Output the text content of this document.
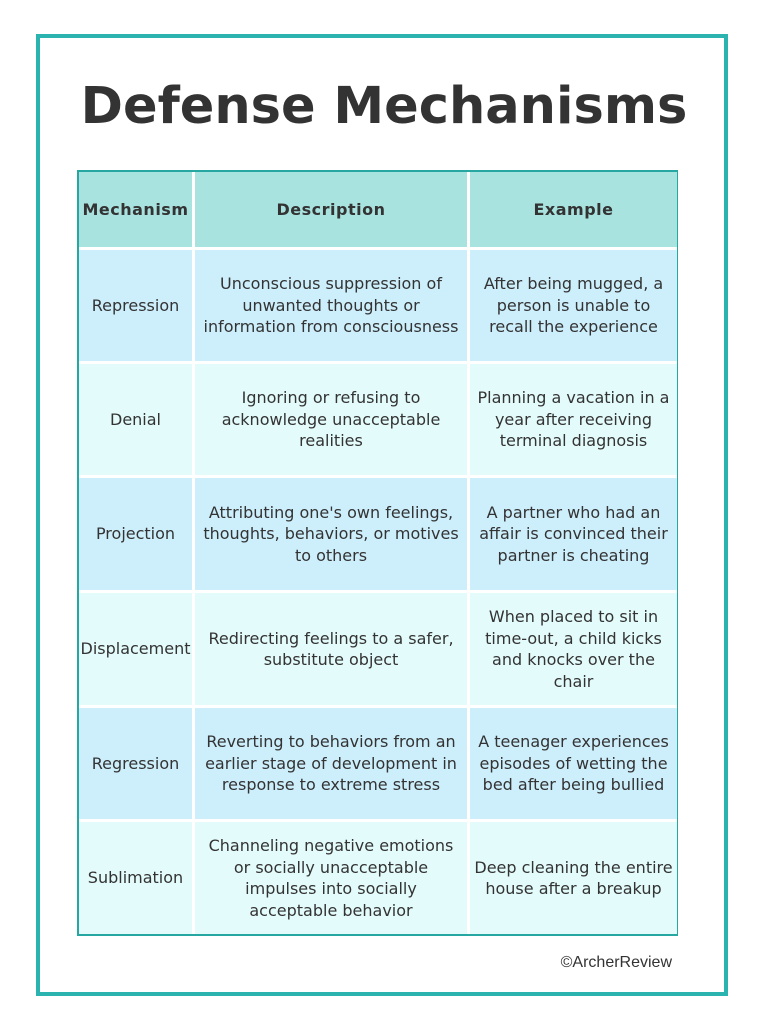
Defense Mechanisms
Mechanism	Description	Example
Repression
Unconscious suppression of unwanted thoughts or information from consciousness
After being mugged, a person is unable to recall the experience
Denial
Ignoring or refusing to acknowledge unacceptable realities
Planning a vacation in a year after receiving terminal diagnosis
Projection
Attributing one's own feelings, thoughts, behaviors, or motives to others
A partner who had an affair is convinced their partner is cheating
Displacement
Redirecting feelings to a safer, substitute object
When placed to sit in time-out, a child kicks and knocks over the chair
Regression
Reverting to behaviors from an earlier stage of development in response to extreme stress
A teenager experiences episodes of wetting the bed after being bullied
Sublimation
Channeling negative emotions or socially unacceptable impulses into socially acceptable behavior
Deep cleaning the entire house after a breakup
©ArcherReview
